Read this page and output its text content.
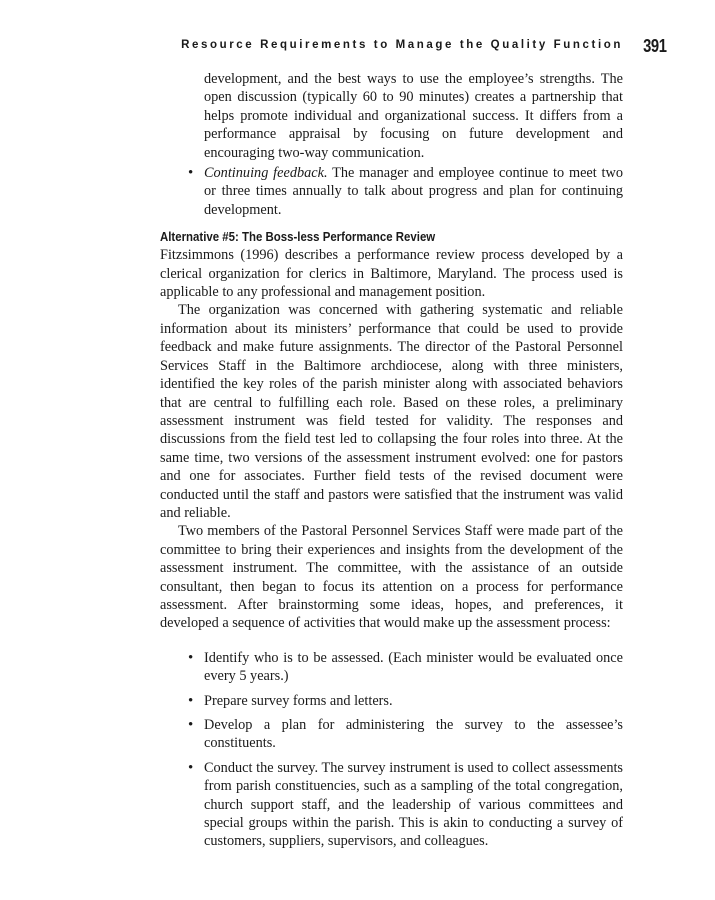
Resource Requirements to Manage the Quality Function 391

development, and the best ways to use the employee’s strengths. The open discussion (typically 60 to 90 minutes) creates a partnership that helps promote individual and organizational success. It differs from a performance appraisal by focusing on future development and encouraging two-way communication.

• Continuing feedback. The manager and employee continue to meet two or three times annually to talk about progress and plan for continuing development.
Alternative #5: The Boss-less Performance Review

Fitzsimmons (1996) describes a performance review process developed by a clerical organization for clerics in Baltimore, Maryland. The process used is applicable to any professional and management position.

The organization was concerned with gathering systematic and reliable information about its ministers’ performance that could be used to provide feedback and make future assignments. The director of the Pastoral Personnel Services Staff in the Baltimore archdiocese, along with three ministers, identified the key roles of the parish minister along with associated behaviors that are central to fulfilling each role. Based on these roles, a preliminary assessment instrument was field tested for validity. The responses and discussions from the field test led to collapsing the four roles into three. At the same time, two versions of the assessment instrument evolved: one for pastors and one for associates. Further field tests of the revised document were conducted until the staff and pastors were satisfied that the instrument was valid and reliable.

Two members of the Pastoral Personnel Services Staff were made part of the committee to bring their experiences and insights from the development of the assessment instrument. The committee, with the assistance of an outside consultant, then began to focus its attention on a process for performance assessment. After brainstorming some ideas, hopes, and preferences, it developed a sequence of activities that would make up the assessment process:

• Identify who is to be assessed. (Each minister would be evaluated once every 5 years.)
• Prepare survey forms and letters.
• Develop a plan for administering the survey to the assessee’s constituents.
• Conduct the survey. The survey instrument is used to collect assessments from parish constituencies, such as a sampling of the total congregation, church support staff, and the leadership of various committees and special groups within the parish. This is akin to conducting a survey of customers, suppliers, supervisors, and colleagues.
